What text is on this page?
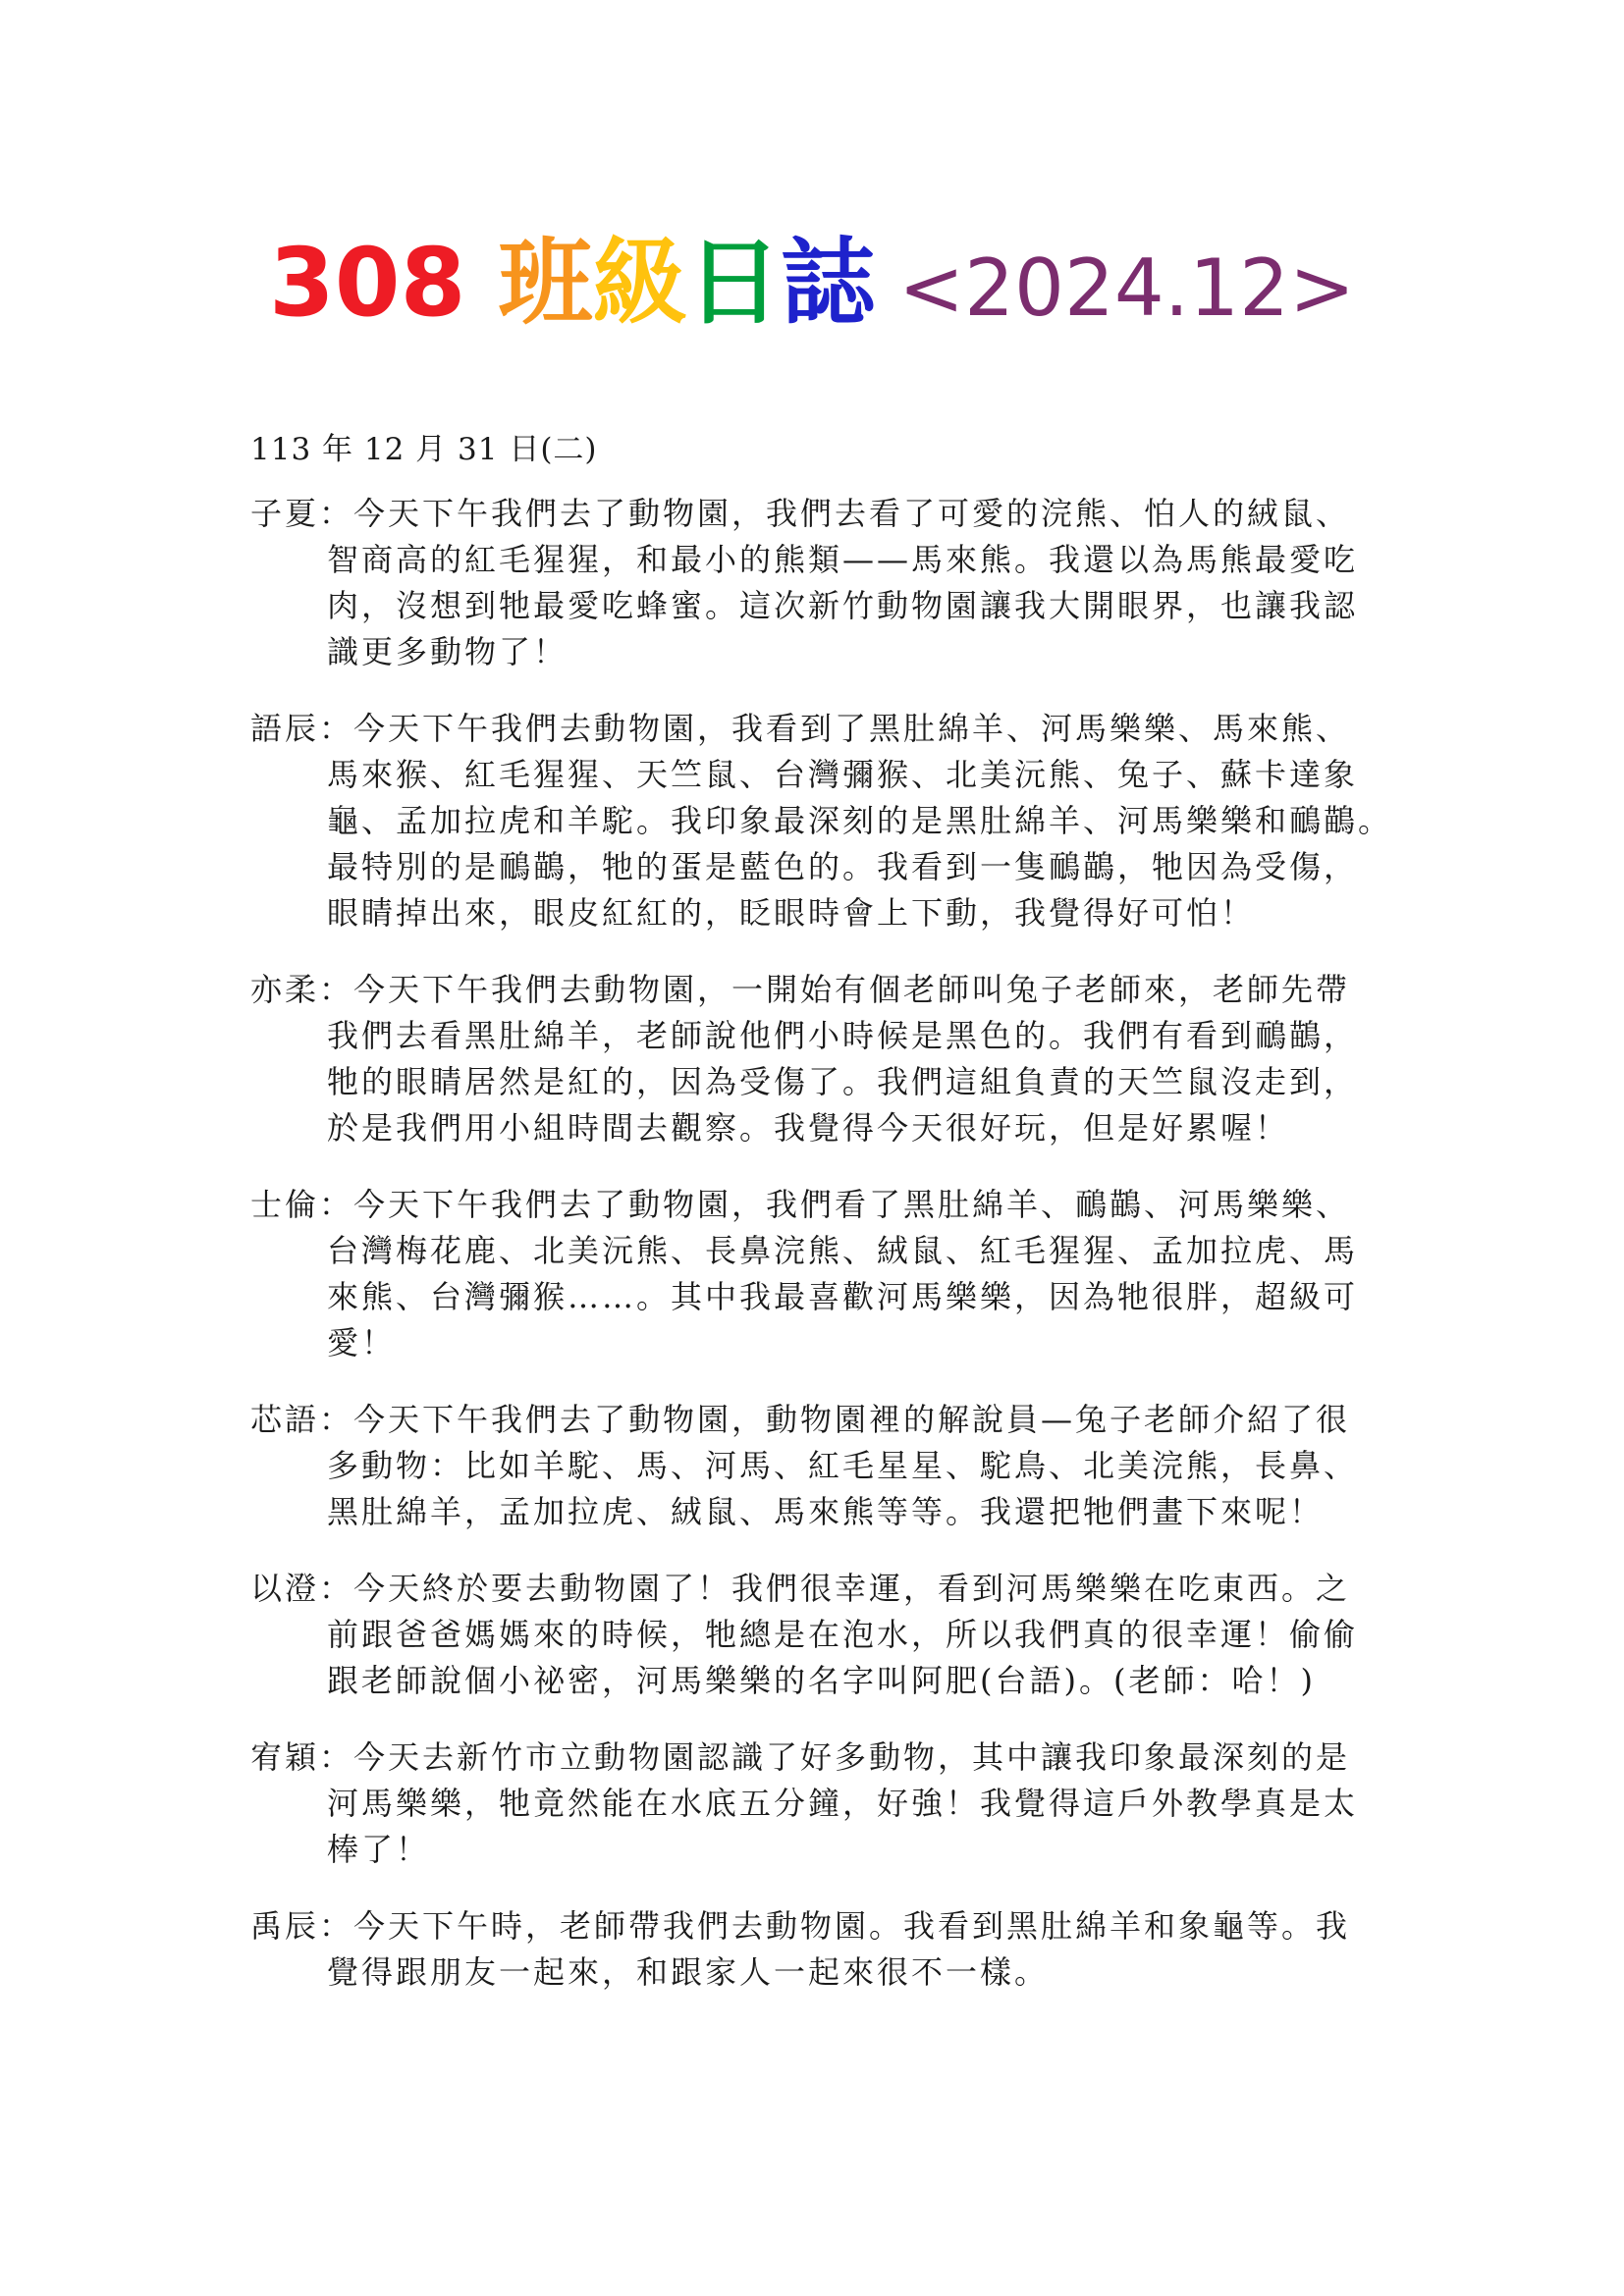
308 班級日誌 <2024.12>
113 年 12 月 31 日(二)
子夏：今天下午我們去了動物園，我們去看了可愛的浣熊、怕人的絨鼠、
智商高的紅毛猩猩，和最小的熊類——馬來熊。我還以為馬熊最愛吃
肉，沒想到牠最愛吃蜂蜜。這次新竹動物園讓我大開眼界，也讓我認
識更多動物了！
語辰：今天下午我們去動物園，我看到了黑肚綿羊、河馬樂樂、馬來熊、
馬來猴、紅毛猩猩、天竺鼠、台灣彌猴、北美沅熊、兔子、蘇卡達象
龜、孟加拉虎和羊駝。我印象最深刻的是黑肚綿羊、河馬樂樂和鴯鶓。
最特別的是鴯鶓，牠的蛋是藍色的。我看到一隻鴯鶓，牠因為受傷，
眼睛掉出來，眼皮紅紅的，眨眼時會上下動，我覺得好可怕！
亦柔：今天下午我們去動物園，一開始有個老師叫兔子老師來，老師先帶
我們去看黑肚綿羊，老師說他們小時候是黑色的。我們有看到鴯鶓，
牠的眼睛居然是紅的，因為受傷了。我們這組負責的天竺鼠沒走到，
於是我們用小組時間去觀察。我覺得今天很好玩，但是好累喔！
士倫：今天下午我們去了動物園，我們看了黑肚綿羊、鴯鶓、河馬樂樂、
台灣梅花鹿、北美沅熊、長鼻浣熊、絨鼠、紅毛猩猩、孟加拉虎、馬
來熊、台灣彌猴……。其中我最喜歡河馬樂樂，因為牠很胖，超級可
愛！
芯語：今天下午我們去了動物園，動物園裡的解說員—兔子老師介紹了很
多動物：比如羊駝、馬、河馬、紅毛星星、駝鳥、北美浣熊，長鼻、
黑肚綿羊，孟加拉虎、絨鼠、馬來熊等等。我還把牠們畫下來呢！
以澄：今天終於要去動物園了！我們很幸運，看到河馬樂樂在吃東西。之
前跟爸爸媽媽來的時候，牠總是在泡水，所以我們真的很幸運！偷偷
跟老師說個小祕密，河馬樂樂的名字叫阿肥(台語)。(老師：哈！)
宥穎：今天去新竹市立動物園認識了好多動物，其中讓我印象最深刻的是
河馬樂樂，牠竟然能在水底五分鐘，好強！我覺得這戶外教學真是太
棒了！
禹辰：今天下午時，老師帶我們去動物園。我看到黑肚綿羊和象龜等。我
覺得跟朋友一起來，和跟家人一起來很不一樣。
